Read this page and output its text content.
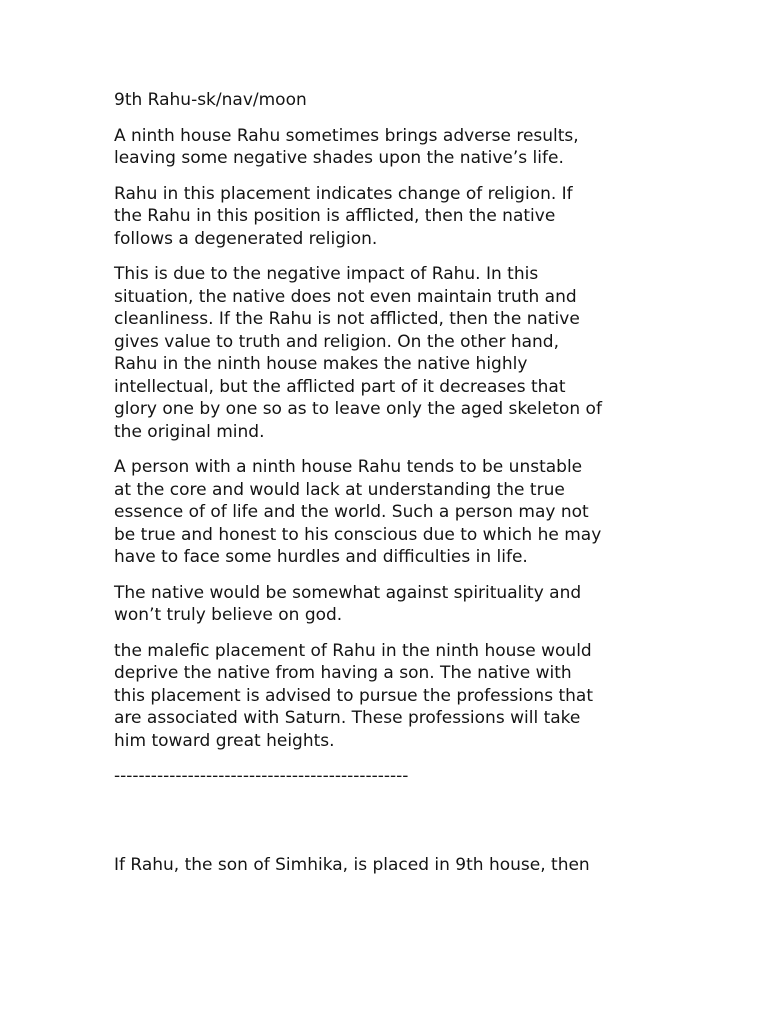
9th Rahu-sk/nav/moon

A ninth house Rahu sometimes brings adverse results,
leaving some negative shades upon the native’s life.

Rahu in this placement indicates change of religion. If
the Rahu in this position is afflicted, then the native
follows a degenerated religion.

This is due to the negative impact of Rahu. In this
situation, the native does not even maintain truth and
cleanliness. If the Rahu is not afflicted, then the native
gives value to truth and religion. On the other hand,
Rahu in the ninth house makes the native highly
intellectual, but the afflicted part of it decreases that
glory one by one so as to leave only the aged skeleton of
the original mind.

A person with a ninth house Rahu tends to be unstable
at the core and would lack at understanding the true
essence of of life and the world. Such a person may not
be true and honest to his conscious due to which he may
have to face some hurdles and difficulties in life.

The native would be somewhat against spirituality and
won’t truly believe on god.

the malefic placement of Rahu in the ninth house would
deprive the native from having a son. The native with
this placement is advised to pursue the professions that
are associated with Saturn. These professions will take
him toward great heights.

------------------------------------------------

If Rahu, the son of Simhika, is placed in 9th house, then
